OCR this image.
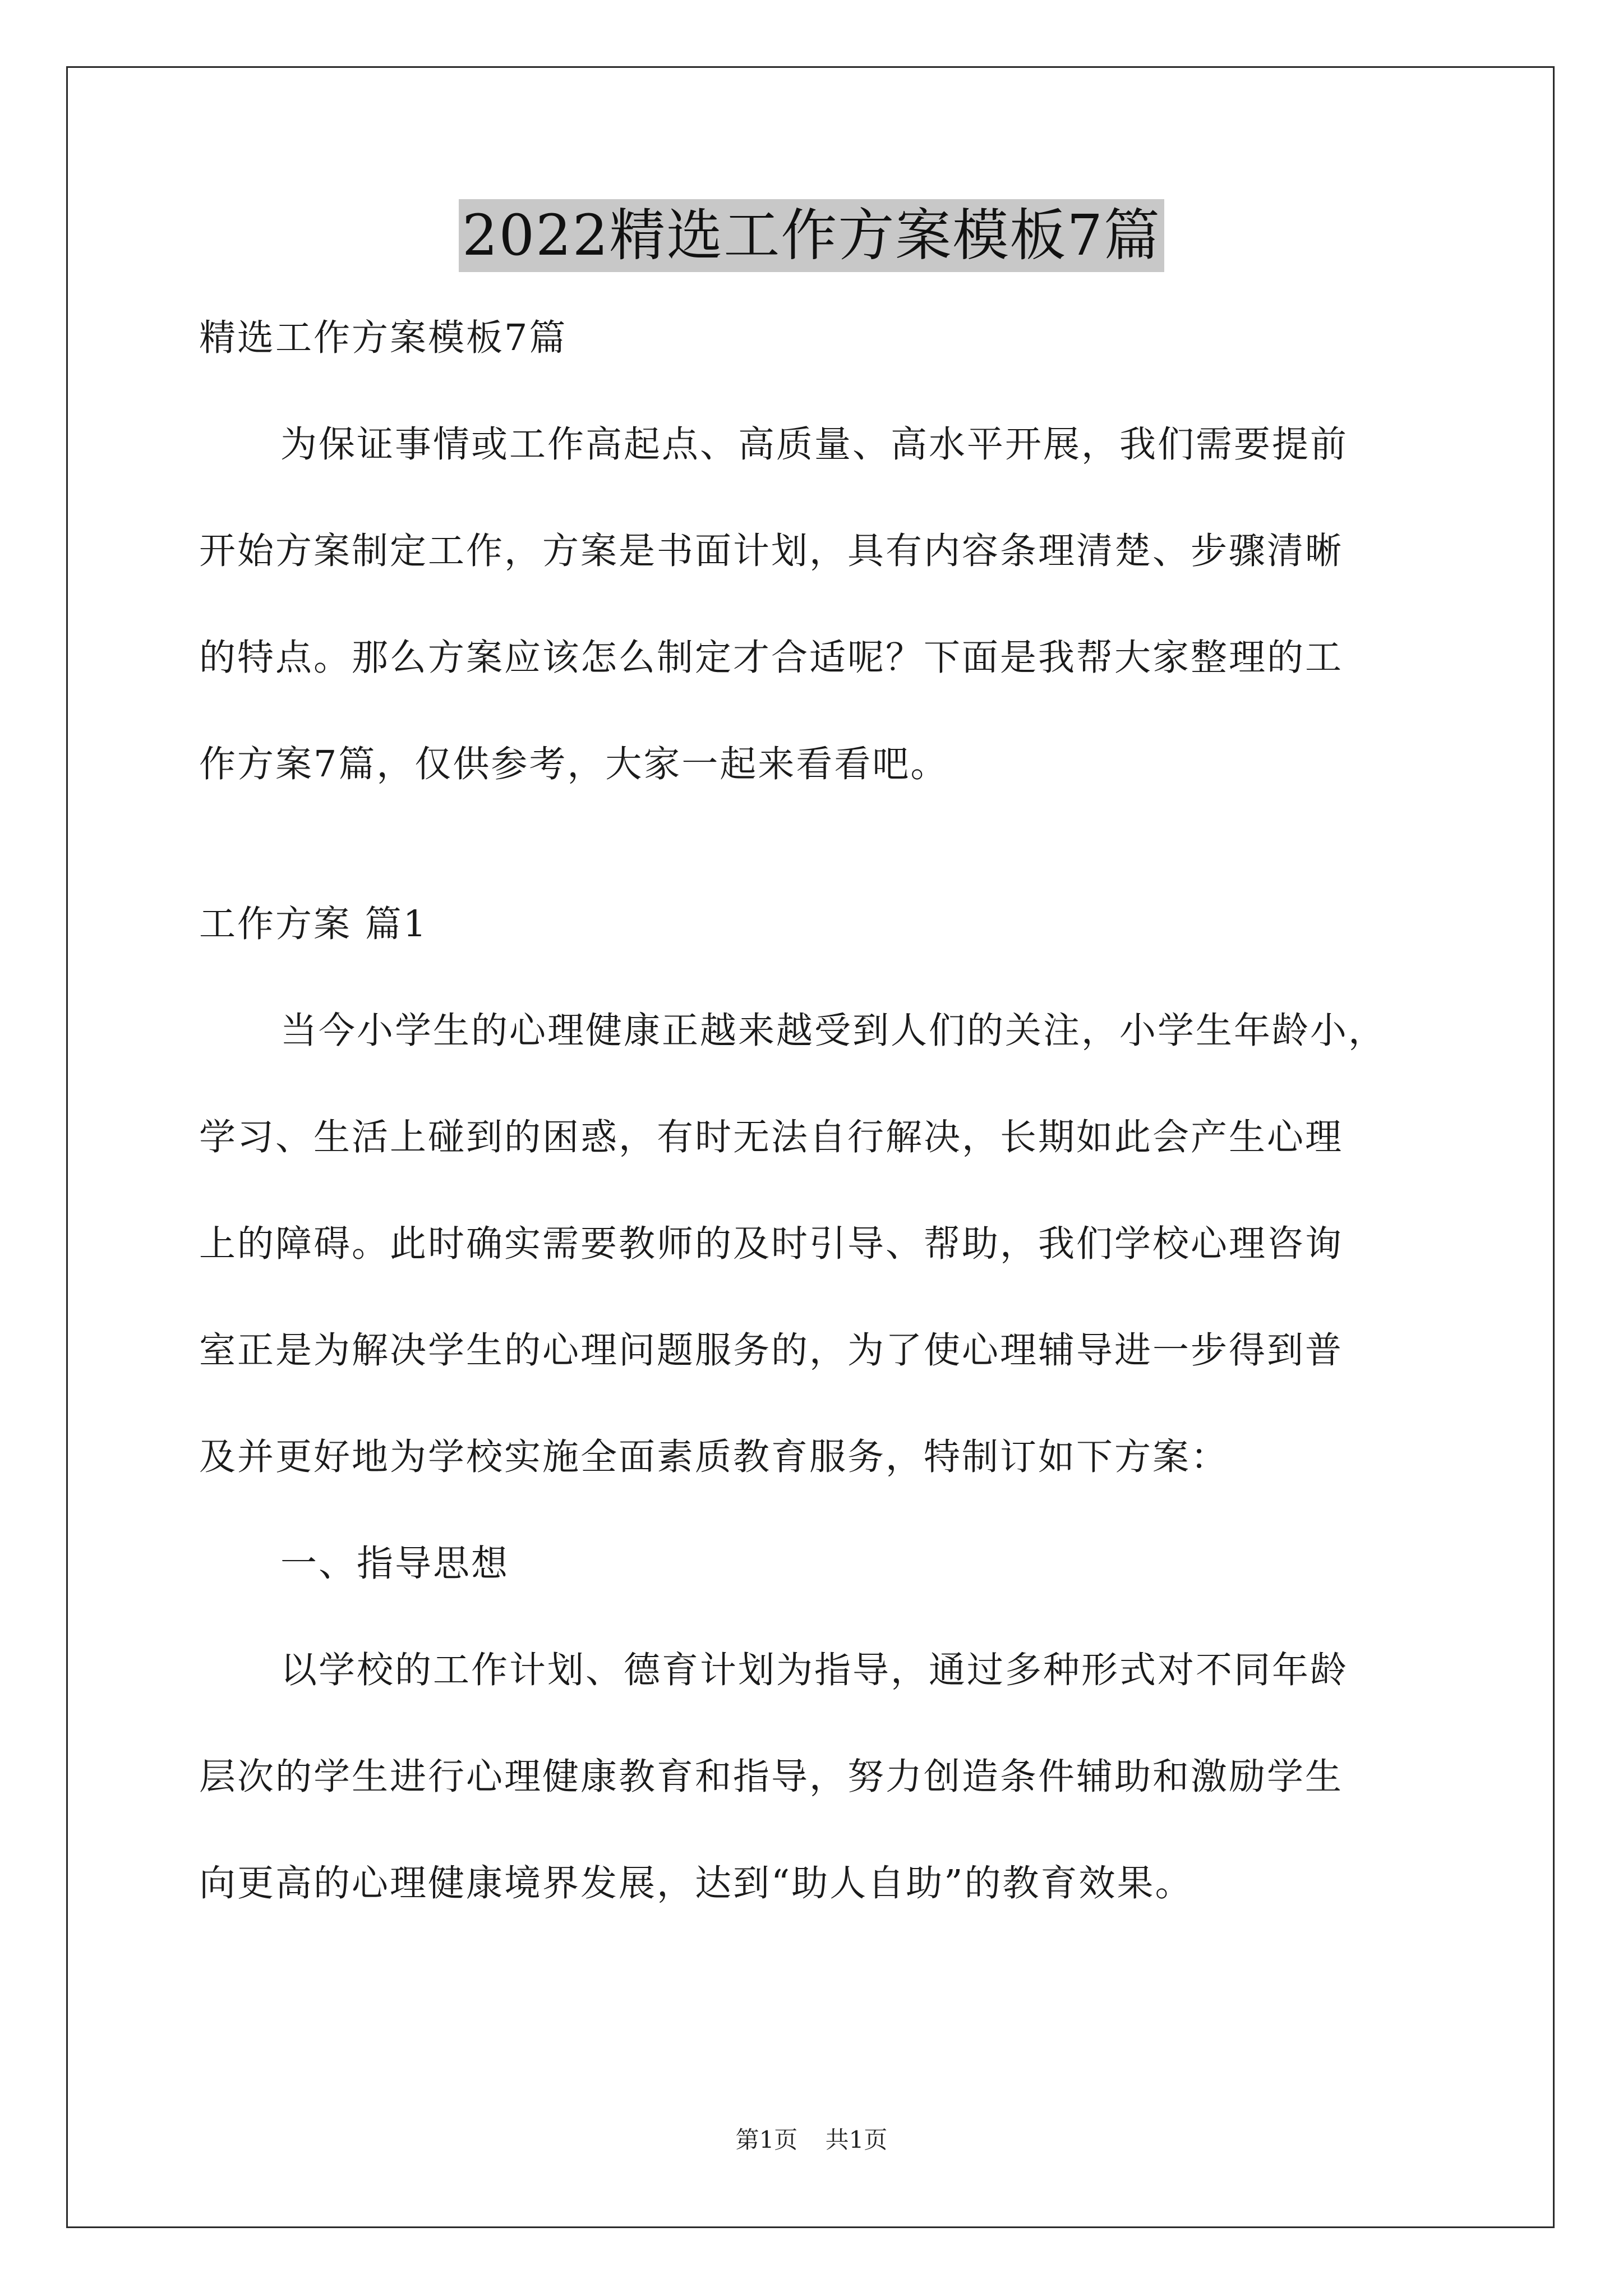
2022精选工作方案模板7篇
精选工作方案模板7篇
为保证事情或工作高起点、高质量、高水平开展，我们需要提前
开始方案制定工作，方案是书面计划，具有内容条理清楚、步骤清晰
的特点。那么方案应该怎么制定才合适呢？下面是我帮大家整理的工
作方案7篇，仅供参考，大家一起来看看吧。
工作方案 篇1
当今小学生的心理健康正越来越受到人们的关注，小学生年龄小，
学习、生活上碰到的困惑，有时无法自行解决，长期如此会产生心理
上的障碍。此时确实需要教师的及时引导、帮助，我们学校心理咨询
室正是为解决学生的心理问题服务的，为了使心理辅导进一步得到普
及并更好地为学校实施全面素质教育服务，特制订如下方案：
一、指导思想
以学校的工作计划、德育计划为指导，通过多种形式对不同年龄
层次的学生进行心理健康教育和指导，努力创造条件辅助和激励学生
向更高的心理健康境界发展，达到“助人自助”的教育效果。
第1页 共1页
